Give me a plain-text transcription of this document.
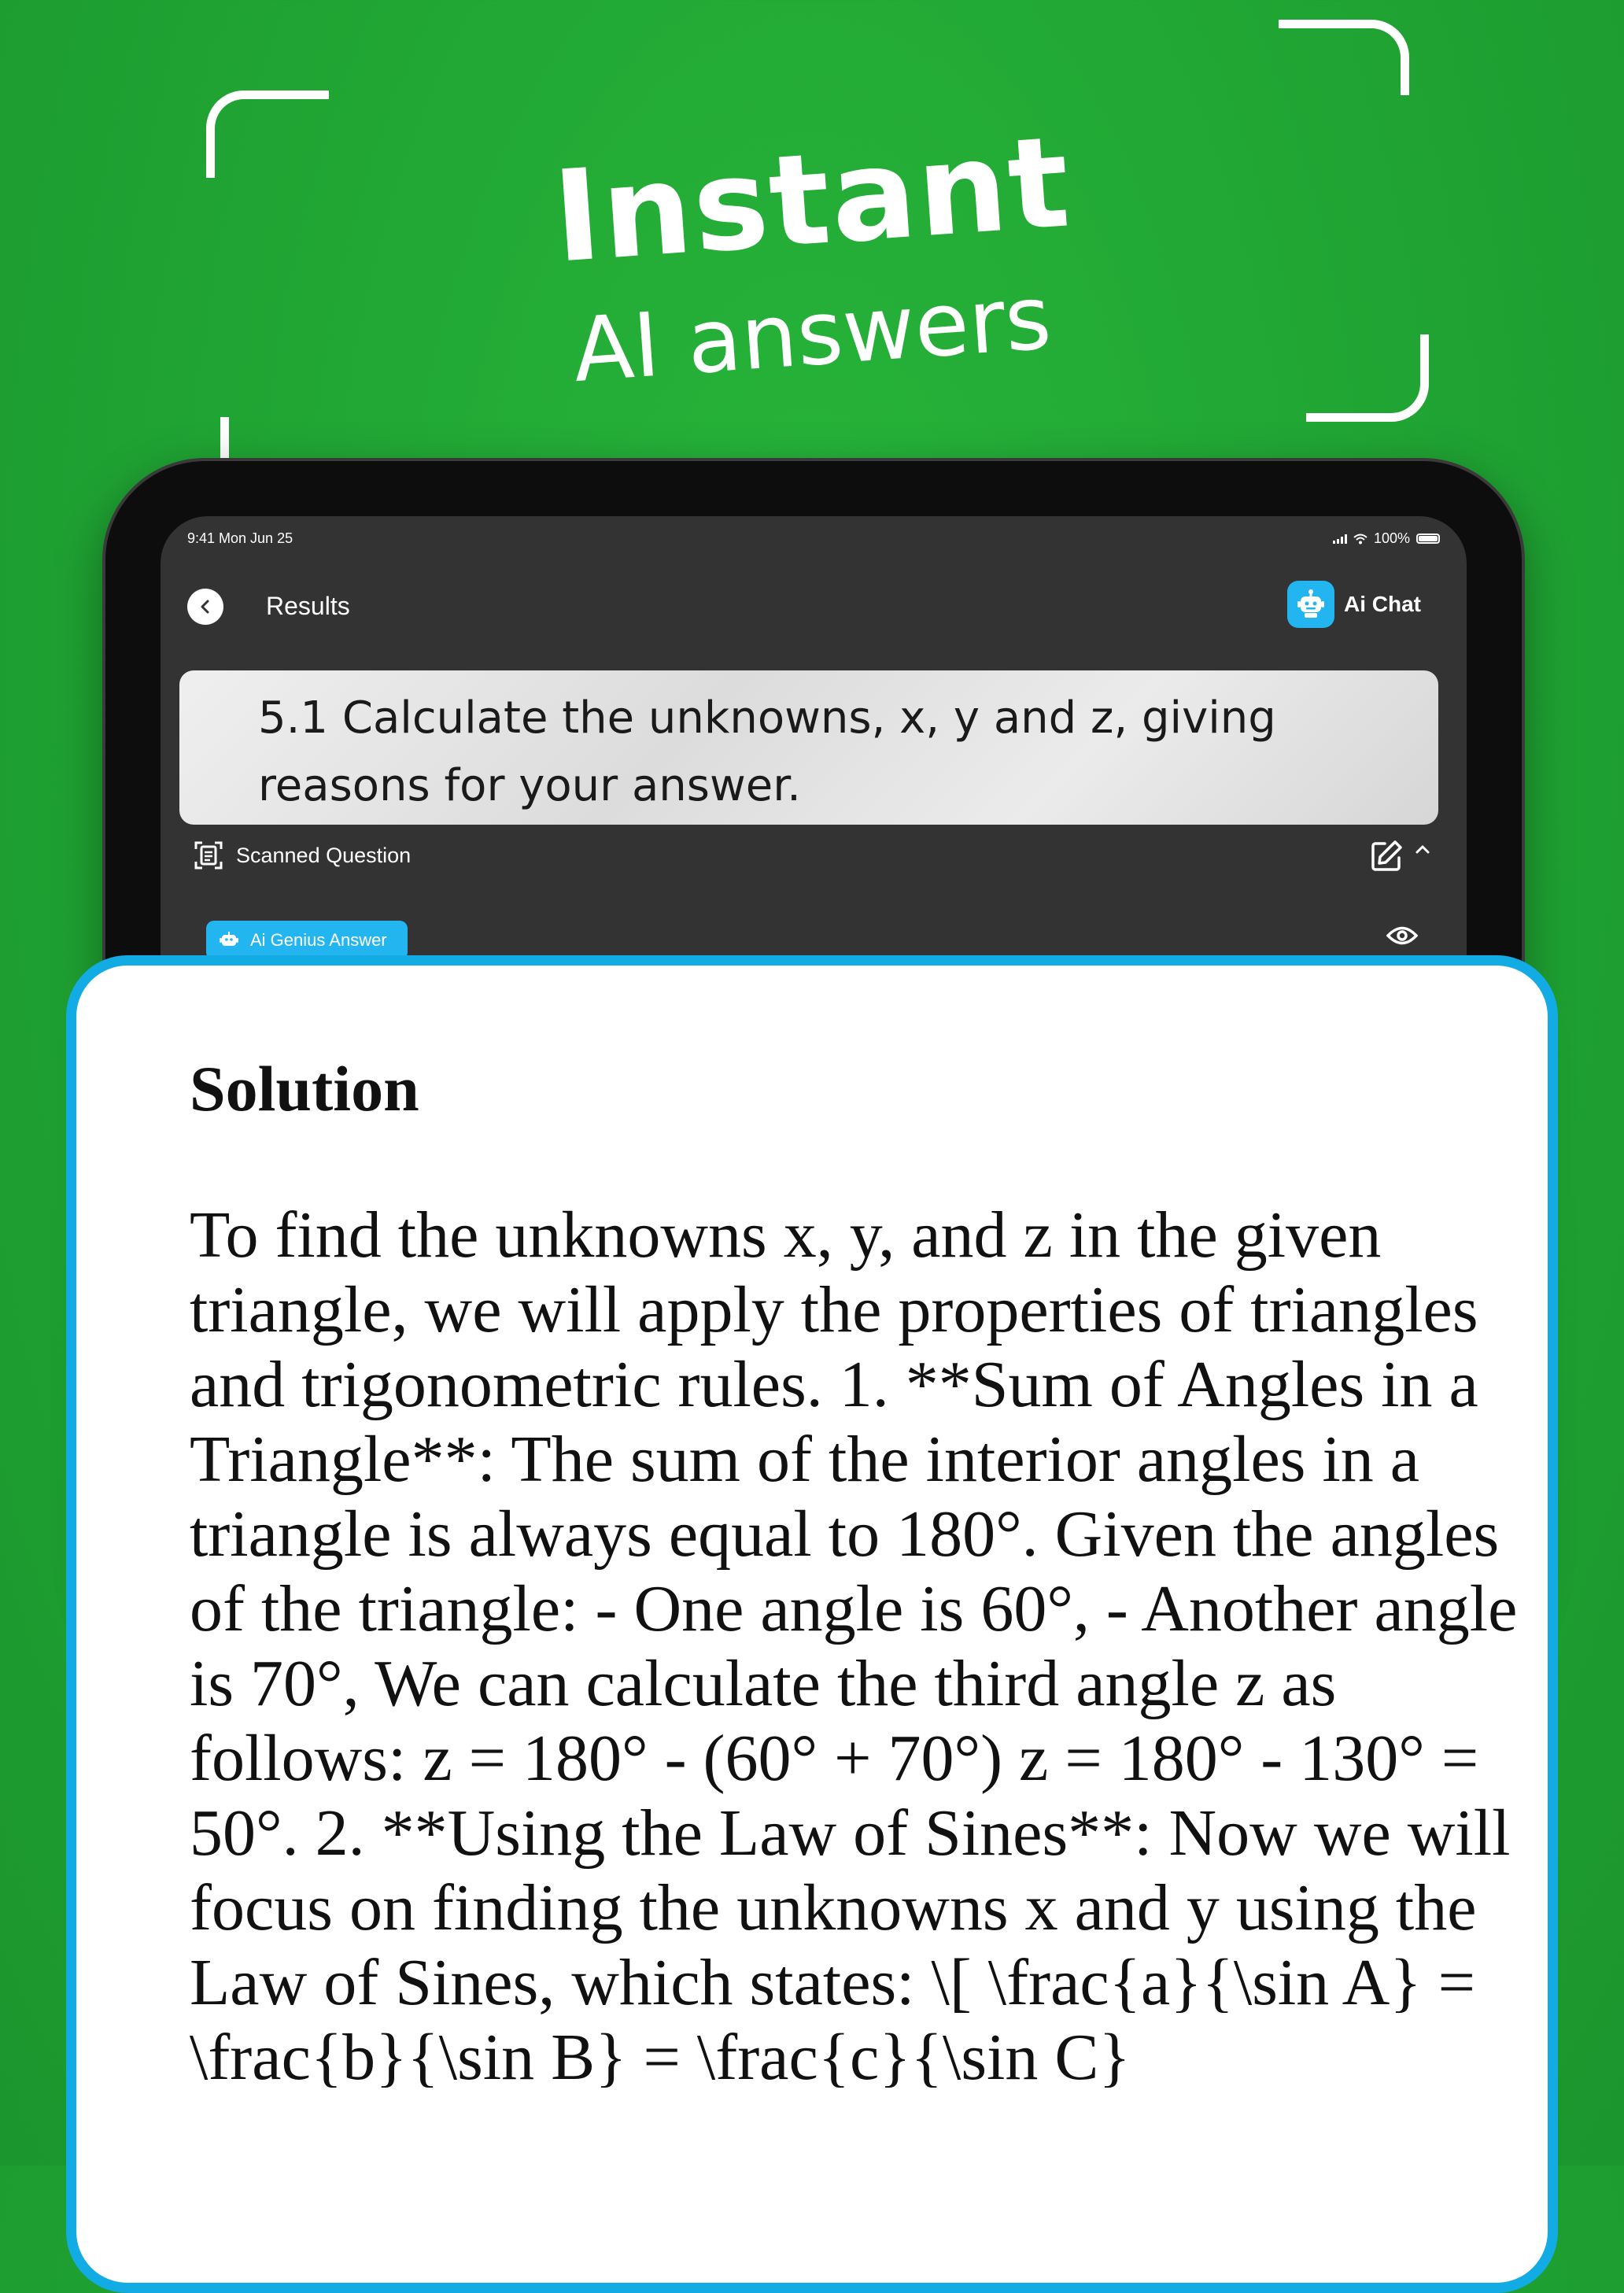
Instant
AI answers
9:41 Mon Jun 25	100%
Results	Ai Chat
5.1 Calculate the unknowns, x, y and z, giving
reasons for your answer.
Scanned Question
Ai Genius Answer
Solution
To find the unknowns x, y, and z in the given triangle, we will apply the properties of triangles and trigonometric rules. 1. **Sum of Angles in a Triangle**: The sum of the interior angles in a triangle is always equal to 180°. Given the angles of the triangle: - One angle is 60°, - Another angle is 70°, We can calculate the third angle z as follows: z = 180° - (60° + 70°) z = 180° - 130° = 50°. 2. **Using the Law of Sines**: Now we will focus on finding the unknowns x and y using the Law of Sines, which states: \[ \frac{a}{\sin A} = \frac{b}{\sin B} = \frac{c}{\sin C}
